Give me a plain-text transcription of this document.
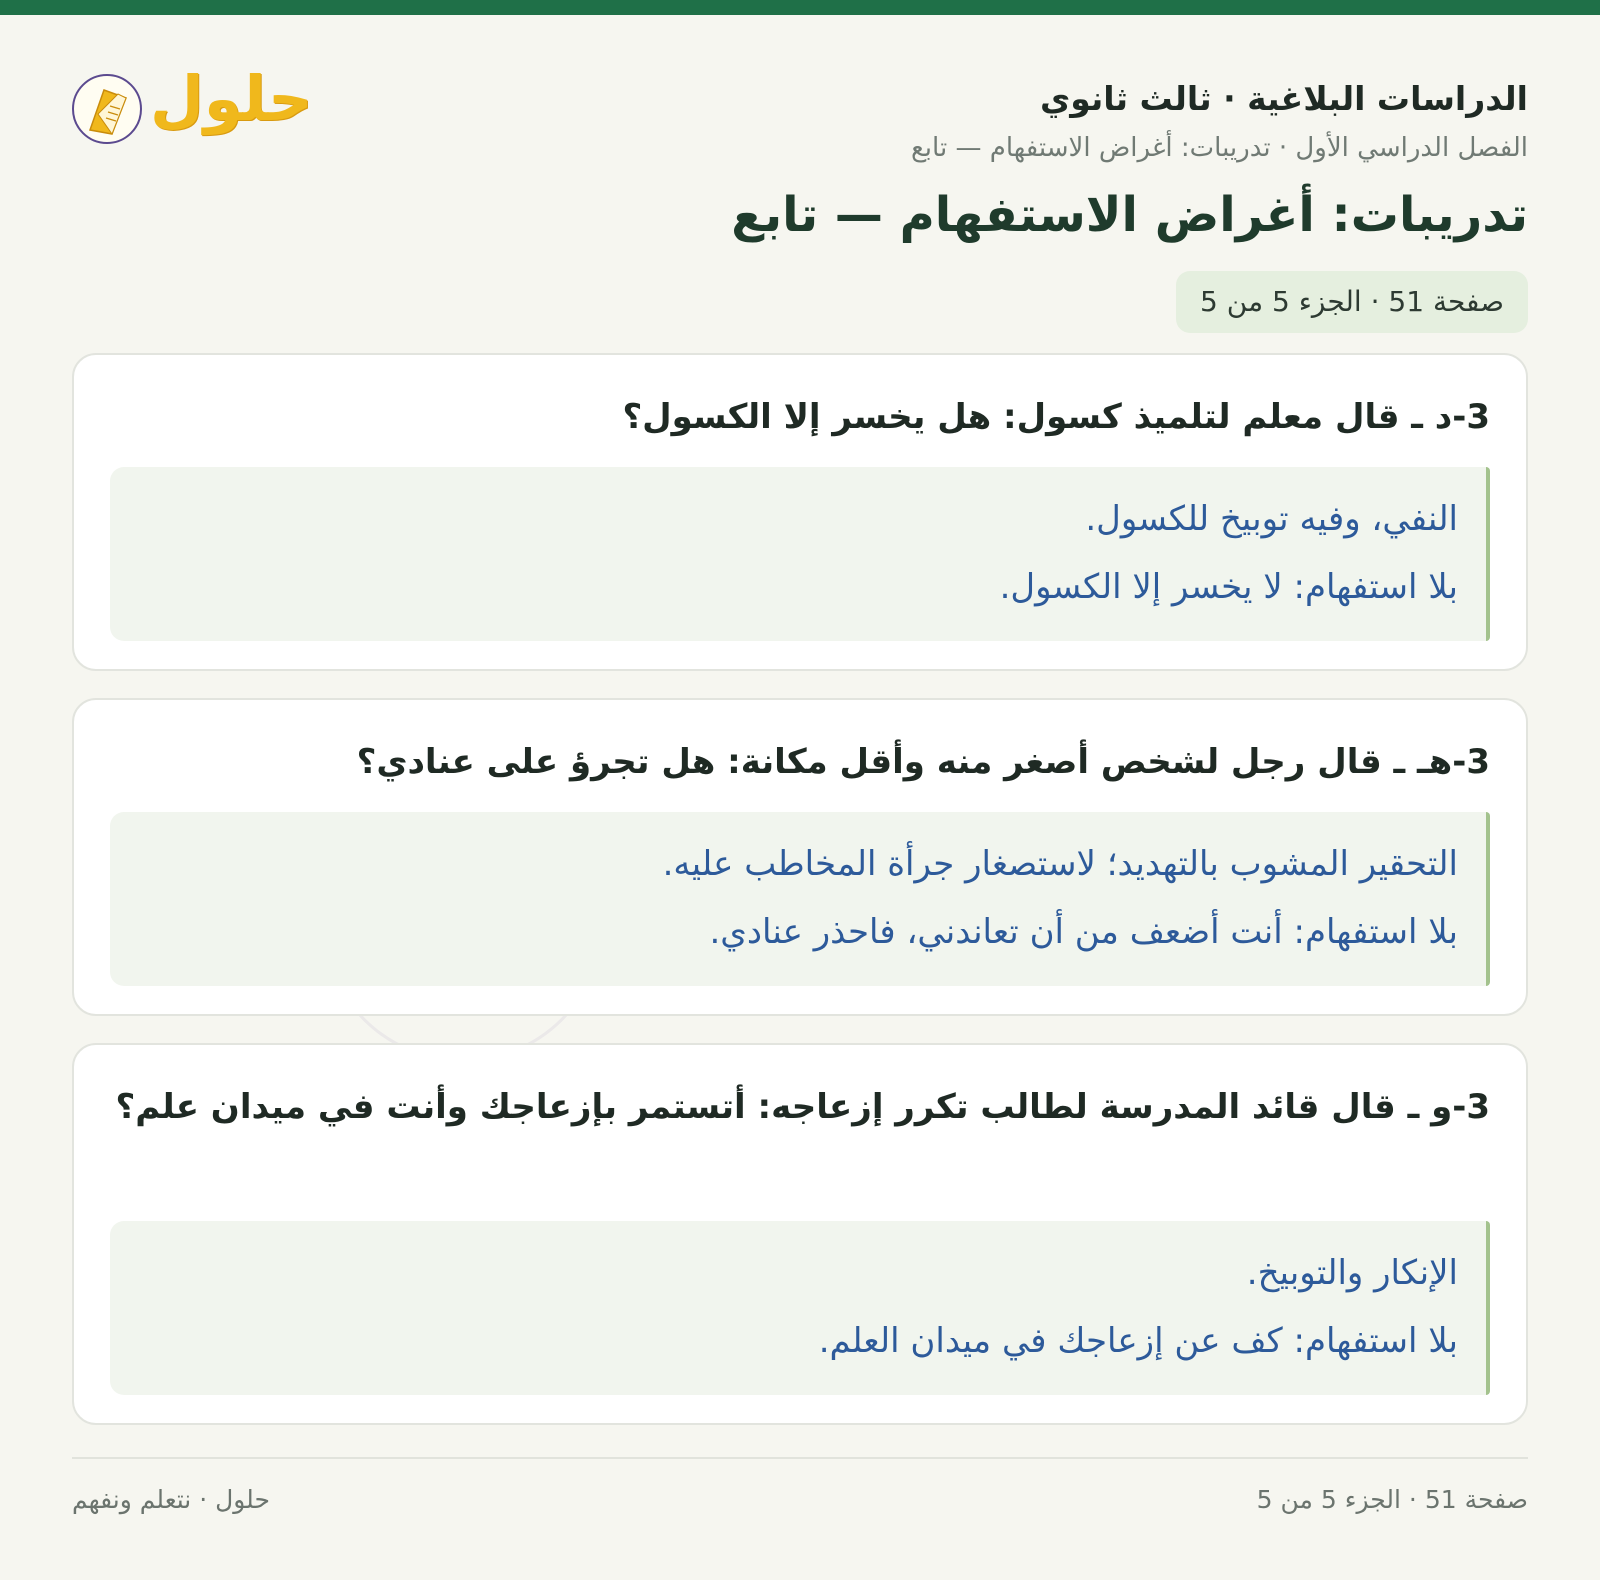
الدراسات البلاغية · ثالث ثانوي
الفصل الدراسي الأول · تدريبات: أغراض الاستفهام — تابع
حلول
تدريبات: أغراض الاستفهام — تابع
صفحة 51 · الجزء 5 من 5
3-د ـ قال معلم لتلميذ كسول: هل يخسر إلا الكسول؟
النفي، وفيه توبيخ للكسول.
بلا استفهام: لا يخسر إلا الكسول.
3-هـ ـ قال رجل لشخص أصغر منه وأقل مكانة: هل تجرؤ على عنادي؟
التحقير المشوب بالتهديد؛ لاستصغار جرأة المخاطب عليه.
بلا استفهام: أنت أضعف من أن تعاندني، فاحذر عنادي.
3-و ـ قال قائد المدرسة لطالب تكرر إزعاجه: أتستمر بإزعاجك وأنت في ميدان علم؟
الإنكار والتوبيخ.
بلا استفهام: كف عن إزعاجك في ميدان العلم.
صفحة 51 · الجزء 5 من 5
حلول · نتعلم ونفهم
